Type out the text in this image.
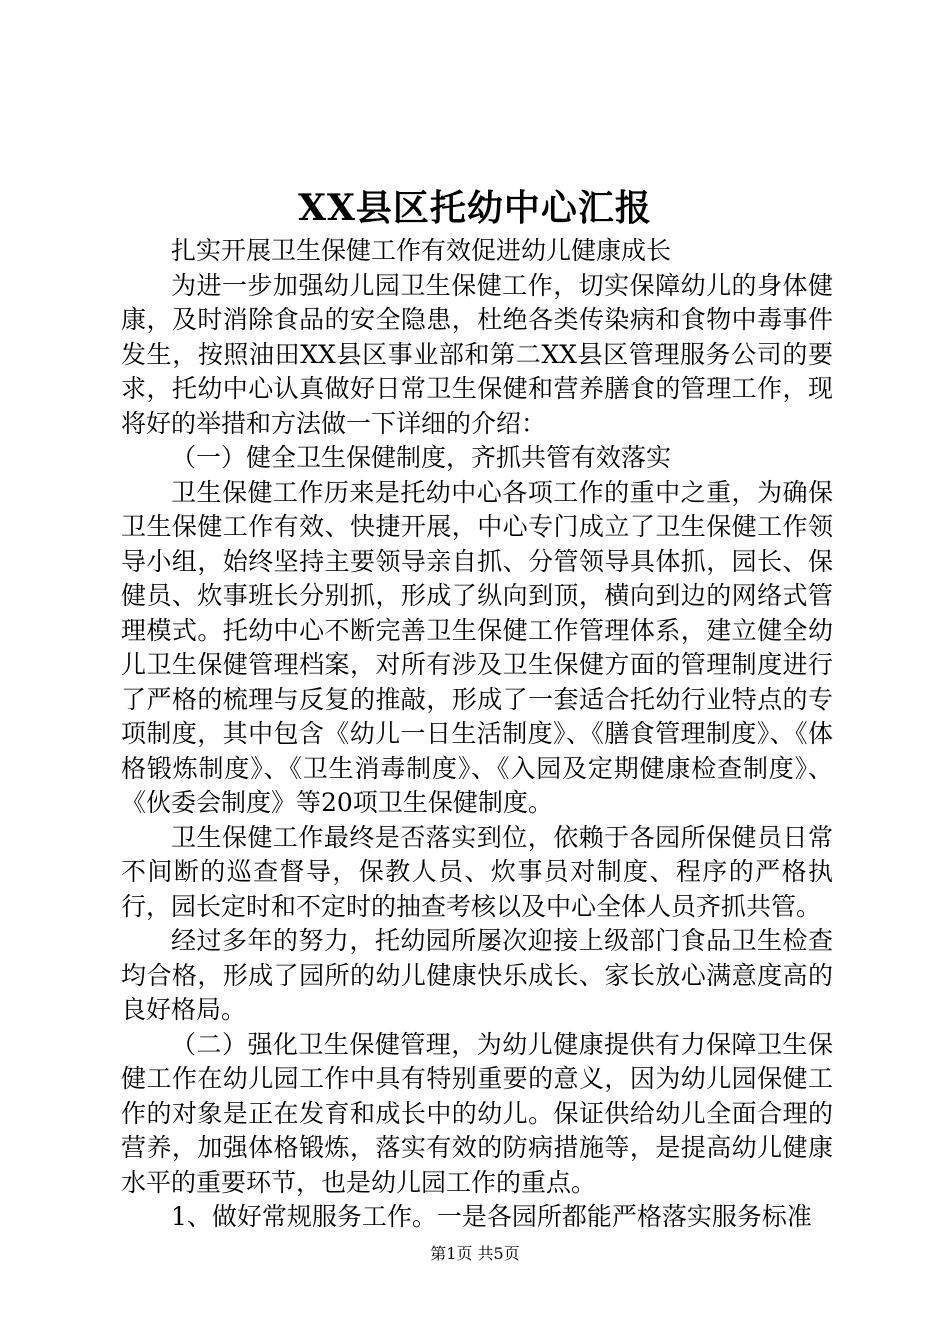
XX县区托幼中心汇报

扎实开展卫生保健工作有效促进幼儿健康成长

为进一步加强幼儿园卫生保健工作，切实保障幼儿的身体健康，及时消除食品的安全隐患，杜绝各类传染病和食物中毒事件发生，按照油田XX县区事业部和第二XX县区管理服务公司的要求，托幼中心认真做好日常卫生保健和营养膳食的管理工作，现将好的举措和方法做一下详细的介绍：

（一）健全卫生保健制度，齐抓共管有效落实

卫生保健工作历来是托幼中心各项工作的重中之重，为确保卫生保健工作有效、快捷开展，中心专门成立了卫生保健工作领导小组，始终坚持主要领导亲自抓、分管领导具体抓，园长、保健员、炊事班长分别抓，形成了纵向到顶，横向到边的网络式管理模式。托幼中心不断完善卫生保健工作管理体系，建立健全幼儿卫生保健管理档案，对所有涉及卫生保健方面的管理制度进行了严格的梳理与反复的推敲，形成了一套适合托幼行业特点的专项制度，其中包含《幼儿一日生活制度》、《膳食管理制度》、《体格锻炼制度》、《卫生消毒制度》、《入园及定期健康检查制度》、《伙委会制度》等20项卫生保健制度。

卫生保健工作最终是否落实到位，依赖于各园所保健员日常不间断的巡查督导，保教人员、炊事员对制度、程序的严格执行，园长定时和不定时的抽查考核以及中心全体人员齐抓共管。

经过多年的努力，托幼园所屡次迎接上级部门食品卫生检查均合格，形成了园所的幼儿健康快乐成长、家长放心满意度高的良好格局。

（二）强化卫生保健管理，为幼儿健康提供有力保障卫生保健工作在幼儿园工作中具有特别重要的意义，因为幼儿园保健工作的对象是正在发育和成长中的幼儿。保证供给幼儿全面合理的营养，加强体格锻炼，落实有效的防病措施等，是提高幼儿健康水平的重要环节，也是幼儿园工作的重点。

1、做好常规服务工作。一是各园所都能严格落实服务标准

第1页 共5页
